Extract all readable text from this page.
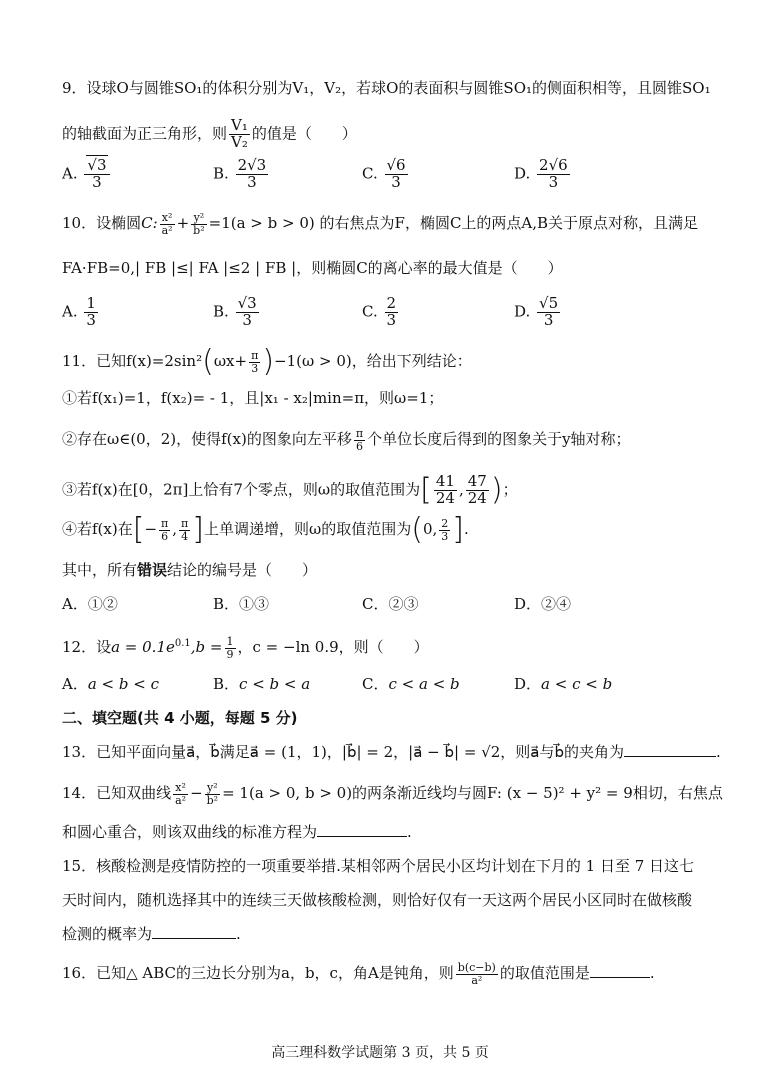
9．设球O与圆锥SO₁的体积分别为V₁，V₂，若球O的表面积与圆锥SO₁的侧面积相等，且圆锥SO₁
的轴截面为正三角形，则 $\frac{\text{V₁}}{\text{V₂}}$ 的值是（　　）
A. $\frac{√3}{3}$	B. $\frac{2√3}{3}$	C. $\frac{√6}{3}$	D. $\frac{2√6}{3}$
10．设椭圆C: $\frac{\text{x²}}{\text{a²}} + \frac{\text{y²}}{\text{b²}} =1(a > b > 0)$ 的右焦点为F，椭圆C上的两点A,B关于原点对称，且满足
FA·FB=0,| FB |≤| FA |≤2 | FB |，则椭圆C的离心率的最大值是（　　）
A. $\frac{1}{3}$	B. $\frac{√3}{3}$	C. $\frac{2}{3}$	D. $\frac{√5}{3}$
11．已知$f(x)=2\sin^2(\omega x+ \frac{\pi}{3} )-1(\omega > 0)$，给出下列结论：
①若f(x₁)=1，f(x₂)= - 1，且|x₁ - x₂|min=π，则ω=1；
②存在ω∈(0，2)，使得f(x)的图象向左平移 $\frac{\pi}{6}$ 个单位长度后得到的图象关于y轴对称；
③若f(x)在[0，2π]上恰有7个零点，则ω的取值范围为[ $\frac{41}{24}$ , $\frac{47}{24}$ )；
④若f(x)在[− $\frac{\pi}{6}$ , $\frac{\pi}{4}$ ]上单调递增，则ω的取值范围为(0, $\frac{2}{3}$ ].
其中，所有错误结论的编号是（　　）
A．①②	B．①③	C．②③	D．②④
12．设$a = 0.1e^{0.1},b = \frac{1}{9}$ ，c = −ln 0.9，则（　　）
A．a < b < c	B．c < b < a	C．c < a < b	D．a < c < b
二、填空题(共 4 小题，每题 5 分)
13．已知平面向量a⃗，b⃗满足a⃗ = (1，1)，|b⃗| = 2，|a⃗ − b⃗| = √2，则a⃗与b⃗的夹角为	.
14．已知双曲线 $\frac{\text{x²}}{\text{a²}} - \frac{\text{y²}}{\text{b²}} = 1(a > 0$, b > 0)的两条渐近线均与圆F: (x − 5)² + y² = 9相切，右焦点
和圆心重合，则该双曲线的标准方程为	.
15．核酸检测是疫情防控的一项重要举措.某相邻两个居民小区均计划在下月的 1 日至 7 日这七
天时间内，随机选择其中的连续三天做核酸检测，则恰好仅有一天这两个居民小区同时在做核酸
检测的概率为	.
16．已知△ ABC的三边长分别为a，b，c，角A是钝角，则 $\frac{b(c-b)}{\text{a²}}$ 的取值范围是	.
高三理科数学试题第 3 页，共 5 页
